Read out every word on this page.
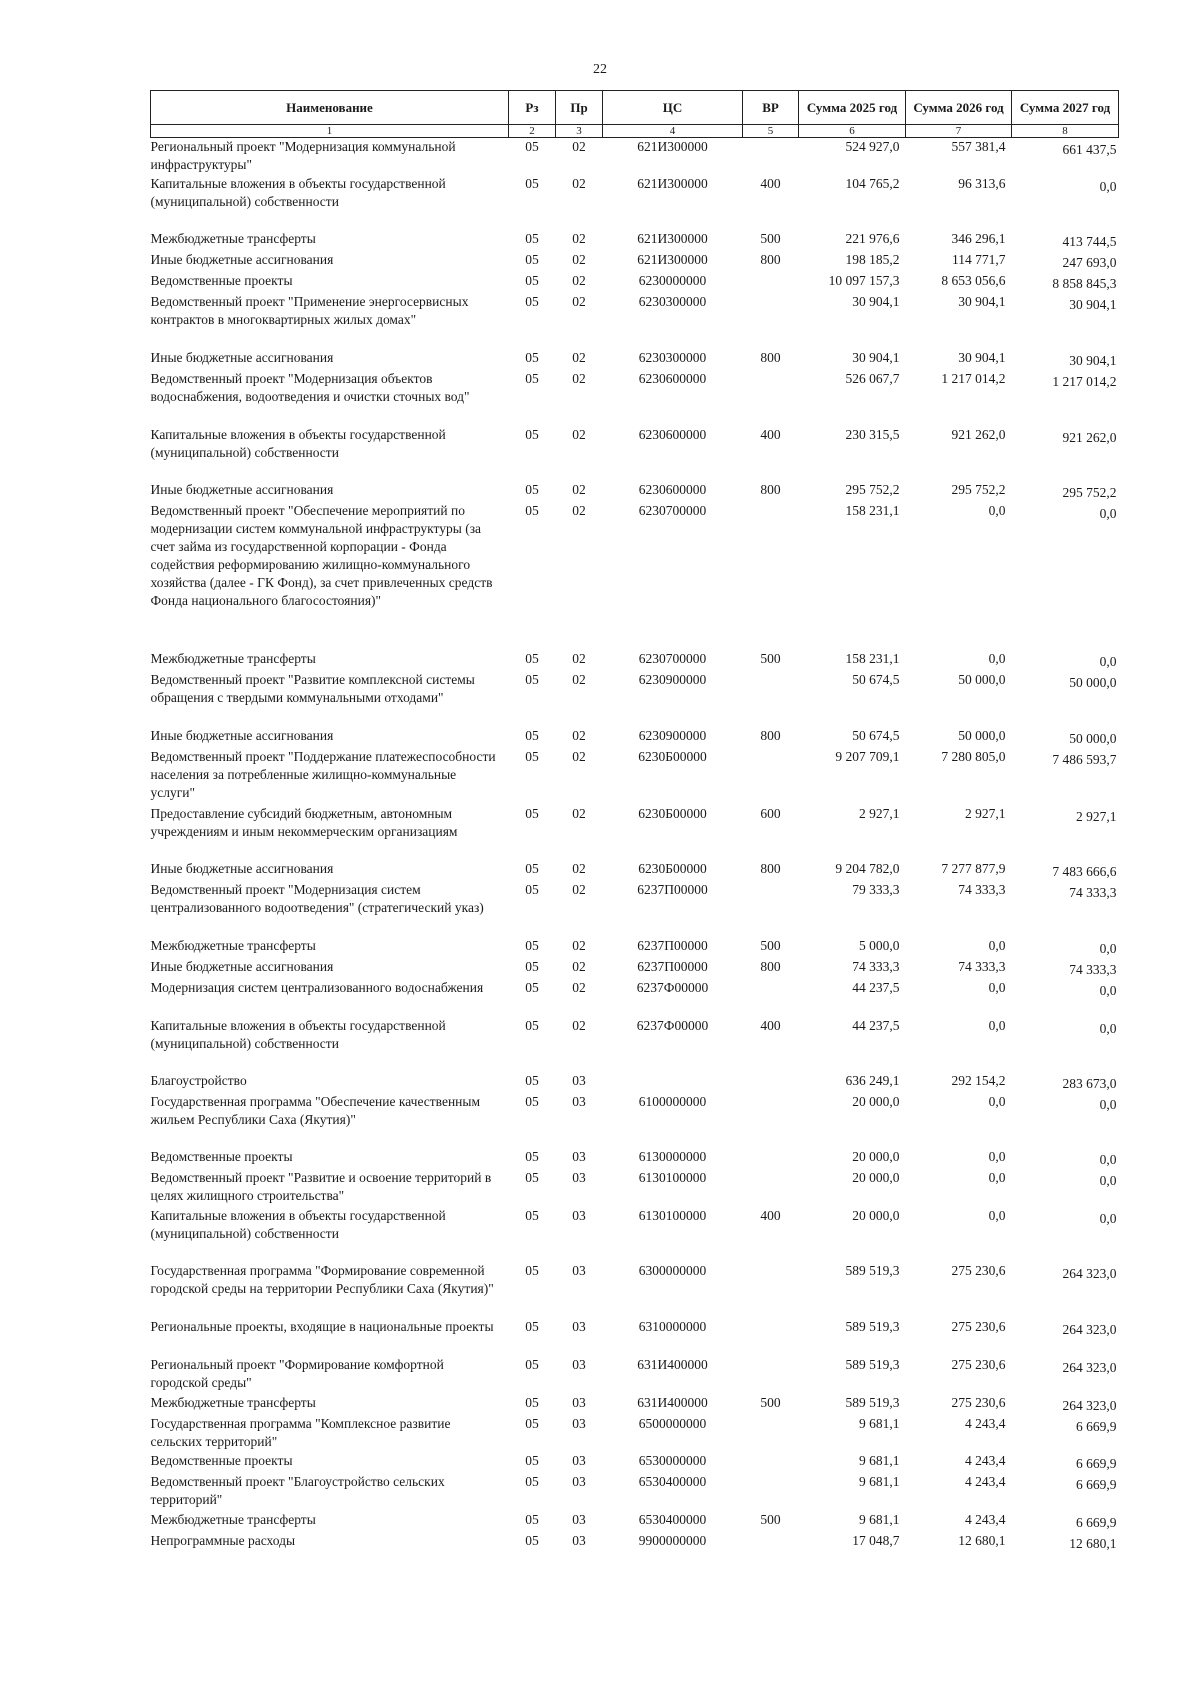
22
Наименование	Рз	Пр	ЦС	ВР	Сумма 2025 год	Сумма 2026 год	Сумма 2027 год
1	2	3	4	5	6	7	8
Региональный проект "Модернизация коммунальной инфраструктуры"	05	02	621И300000		524 927,0	557 381,4	661 437,5
Капитальные вложения в объекты государственной (муниципальной) собственности	05	02	621И300000	400	104 765,2	96 313,6	0,0
Межбюджетные трансферты	05	02	621И300000	500	221 976,6	346 296,1	413 744,5
Иные бюджетные ассигнования	05	02	621И300000	800	198 185,2	114 771,7	247 693,0
Ведомственные проекты	05	02	6230000000		10 097 157,3	8 653 056,6	8 858 845,3
Ведомственный проект "Применение энергосервисных контрактов в многоквартирных жилых домах"	05	02	6230300000		30 904,1	30 904,1	30 904,1
Иные бюджетные ассигнования	05	02	6230300000	800	30 904,1	30 904,1	30 904,1
Ведомственный проект "Модернизация объектов водоснабжения, водоотведения и очистки сточных вод"	05	02	6230600000		526 067,7	1 217 014,2	1 217 014,2
Капитальные вложения в объекты государственной (муниципальной) собственности	05	02	6230600000	400	230 315,5	921 262,0	921 262,0
Иные бюджетные ассигнования	05	02	6230600000	800	295 752,2	295 752,2	295 752,2
Ведомственный проект "Обеспечение мероприятий по модернизации систем коммунальной инфраструктуры (за счет займа из государственной корпорации - Фонда содействия реформированию жилищно-коммунального хозяйства (далее - ГК Фонд), за счет привлеченных средств Фонда национального благосостояния)"	05	02	6230700000		158 231,1	0,0	0,0
Межбюджетные трансферты	05	02	6230700000	500	158 231,1	0,0	0,0
Ведомственный проект "Развитие комплексной системы обращения с твердыми коммунальными отходами"	05	02	6230900000		50 674,5	50 000,0	50 000,0
Иные бюджетные ассигнования	05	02	6230900000	800	50 674,5	50 000,0	50 000,0
Ведомственный проект "Поддержание платежеспособности населения за потребленные жилищно-коммунальные услуги"	05	02	6230Б00000		9 207 709,1	7 280 805,0	7 486 593,7
Предоставление субсидий бюджетным, автономным учреждениям и иным некоммерческим организациям	05	02	6230Б00000	600	2 927,1	2 927,1	2 927,1
Иные бюджетные ассигнования	05	02	6230Б00000	800	9 204 782,0	7 277 877,9	7 483 666,6
Ведомственный проект "Модернизация систем централизованного водоотведения" (стратегический указ)	05	02	6237П00000		79 333,3	74 333,3	74 333,3
Межбюджетные трансферты	05	02	6237П00000	500	5 000,0	0,0	0,0
Иные бюджетные ассигнования	05	02	6237П00000	800	74 333,3	74 333,3	74 333,3
Модернизация систем централизованного водоснабжения	05	02	6237Ф00000		44 237,5	0,0	0,0
Капитальные вложения в объекты государственной (муниципальной) собственности	05	02	6237Ф00000	400	44 237,5	0,0	0,0
Благоустройство	05	03			636 249,1	292 154,2	283 673,0
Государственная программа "Обеспечение качественным жильем Республики Саха (Якутия)"	05	03	6100000000		20 000,0	0,0	0,0
Ведомственные проекты	05	03	6130000000		20 000,0	0,0	0,0
Ведомственный проект "Развитие и освоение территорий в целях жилищного строительства"	05	03	6130100000		20 000,0	0,0	0,0
Капитальные вложения в объекты государственной (муниципальной) собственности	05	03	6130100000	400	20 000,0	0,0	0,0
Государственная программа "Формирование современной городской среды на территории Республики Саха (Якутия)"	05	03	6300000000		589 519,3	275 230,6	264 323,0
Региональные проекты, входящие в национальные проекты	05	03	6310000000		589 519,3	275 230,6	264 323,0
Региональный проект "Формирование комфортной городской среды"	05	03	631И400000		589 519,3	275 230,6	264 323,0
Межбюджетные трансферты	05	03	631И400000	500	589 519,3	275 230,6	264 323,0
Государственная программа "Комплексное развитие сельских территорий"	05	03	6500000000		9 681,1	4 243,4	6 669,9
Ведомственные проекты	05	03	6530000000		9 681,1	4 243,4	6 669,9
Ведомственный проект "Благоустройство сельских территорий"	05	03	6530400000		9 681,1	4 243,4	6 669,9
Межбюджетные трансферты	05	03	6530400000	500	9 681,1	4 243,4	6 669,9
Непрограммные расходы	05	03	9900000000		17 048,7	12 680,1	12 680,1
